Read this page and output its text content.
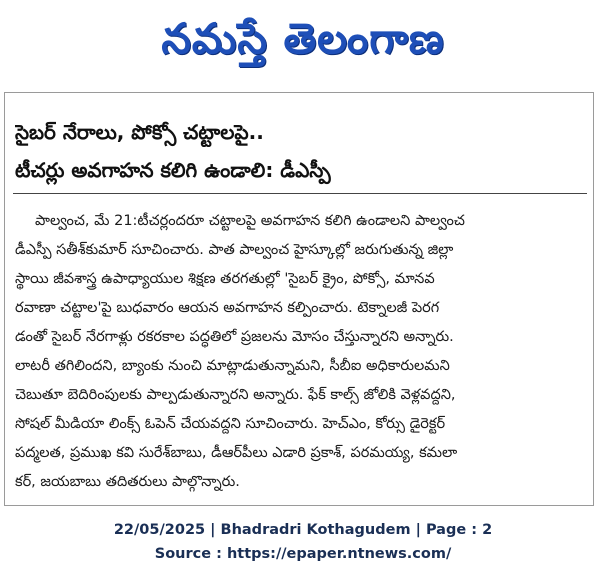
నమస్తే తెలంగాణ
సైబర్ నేరాలు, పోక్సో చట్టాలపై..
టీచర్లు అవగాహన కలిగి ఉండాలి: డీఎస్పీ
పాల్వంచ, మే 21:టీచర్లందరూ చట్టాలపై అవగాహన కలిగి ఉండాలని పాల్వంచ
డీఎస్పీ సతీశ్‌కుమార్ సూచించారు. పాత పాల్వంచ హైస్కూల్లో జరుగుతున్న జిల్లా
స్థాయి జీవశాస్త్ర ఉపాధ్యాయుల శిక్షణ తరగతుల్లో 'సైబర్ క్రైం, పోక్సో, మానవ
రవాణా చట్టాల'పై బుధవారం ఆయన అవగాహన కల్పించారు. టెక్నాలజీ పెరగ
డంతో సైబర్ నేరగాళ్లు రకరకాల పద్ధతిలో ప్రజలను మోసం చేస్తున్నారని అన్నారు.
లాటరీ తగిలిందని, బ్యాంకు నుంచి మాట్లాడుతున్నామని, సీబీఐ అధికారులమని
చెబుతూ బెదిరింపులకు పాల్పడుతున్నారని అన్నారు. ఫేక్ కాల్స్ జోలికి వెళ్లవద్దని,
సోషల్ మీడియా లింక్స్ ఓపెన్ చేయవద్దని సూచించారు. హెచ్‌ఎం, కోర్సు డైరెక్టర్
పద్మలత, ప్రముఖ కవి సురేశ్‌బాబు, డీఆర్‌పీలు ఎడారి ప్రకాశ్, పరమయ్య, కమలా
కర్, జయబాబు తదితరులు పాల్గొన్నారు.
22/05/2025 | Bhadradri Kothagudem | Page : 2
Source : https://epaper.ntnews.com/
